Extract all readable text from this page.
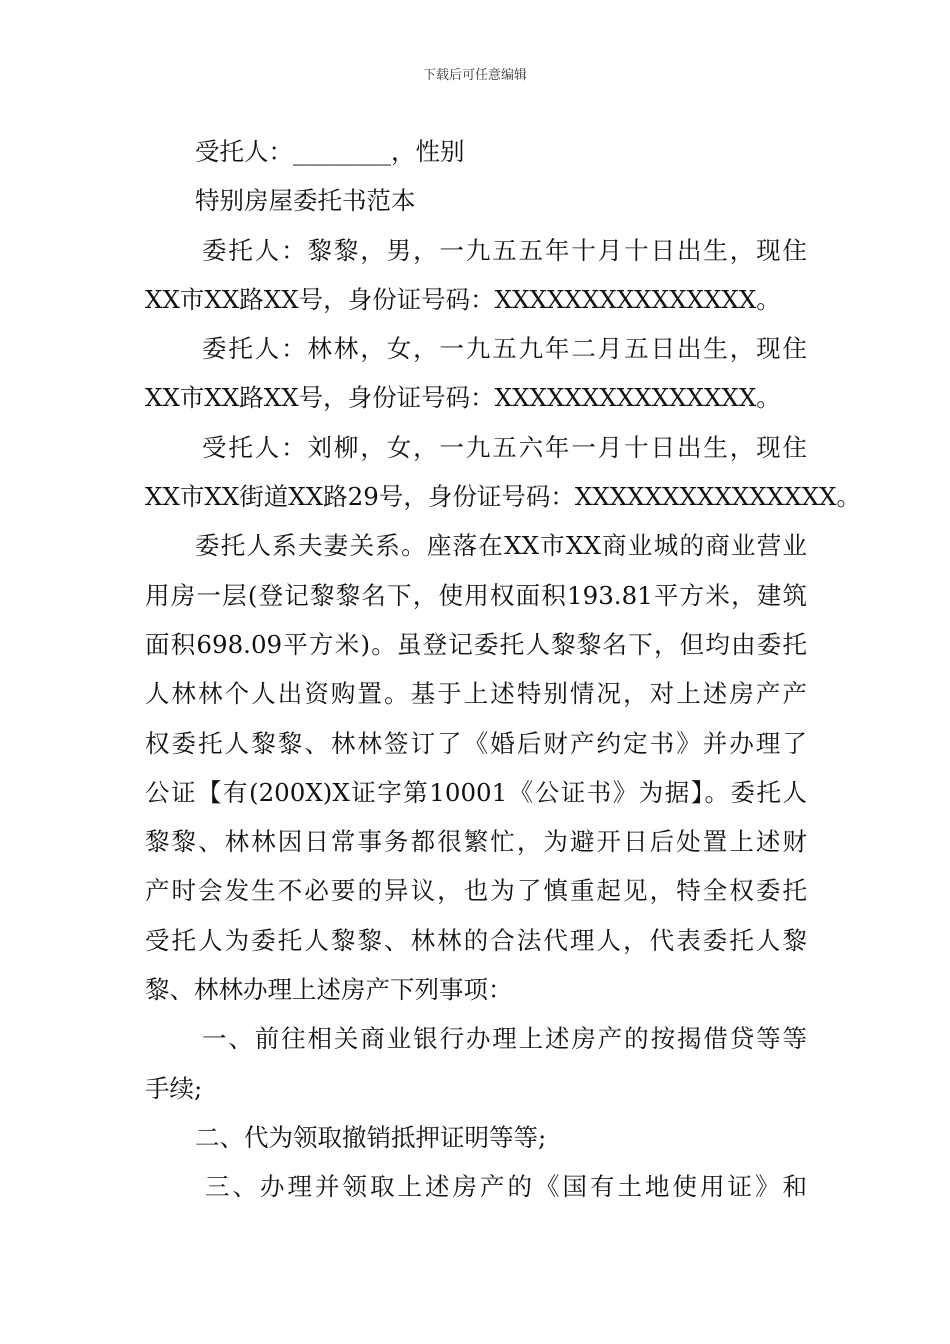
下载后可任意编辑
受托人：________，性别
特别房屋委托书范本
委托人：黎黎，男，一九五五年十月十日出生，现住
XX市XX路XX号，身份证号码：XXXXXXXXXXXXXXX。
委托人：林林，女，一九五九年二月五日出生，现住
XX市XX路XX号，身份证号码：XXXXXXXXXXXXXXX。
受托人：刘柳，女，一九五六年一月十日出生，现住
XX市XX街道XX路29号，身份证号码：XXXXXXXXXXXXXXX。
委托人系夫妻关系。座落在XX市XX商业城的商业营业
用房一层(登记黎黎名下，使用权面积193.81平方米，建筑
面积698.09平方米)。虽登记委托人黎黎名下，但均由委托
人林林个人出资购置。基于上述特别情况，对上述房产产
权委托人黎黎、林林签订了《婚后财产约定书》并办理了
公证【有(200X)X证字第10001《公证书》为据】。委托人
黎黎、林林因日常事务都很繁忙，为避开日后处置上述财
产时会发生不必要的异议，也为了慎重起见，特全权委托
受托人为委托人黎黎、林林的合法代理人，代表委托人黎
黎、林林办理上述房产下列事项：
一、前往相关商业银行办理上述房产的按揭借贷等等
手续;
二、代为领取撤销抵押证明等等;
三、办理并领取上述房产的《国有土地使用证》和
